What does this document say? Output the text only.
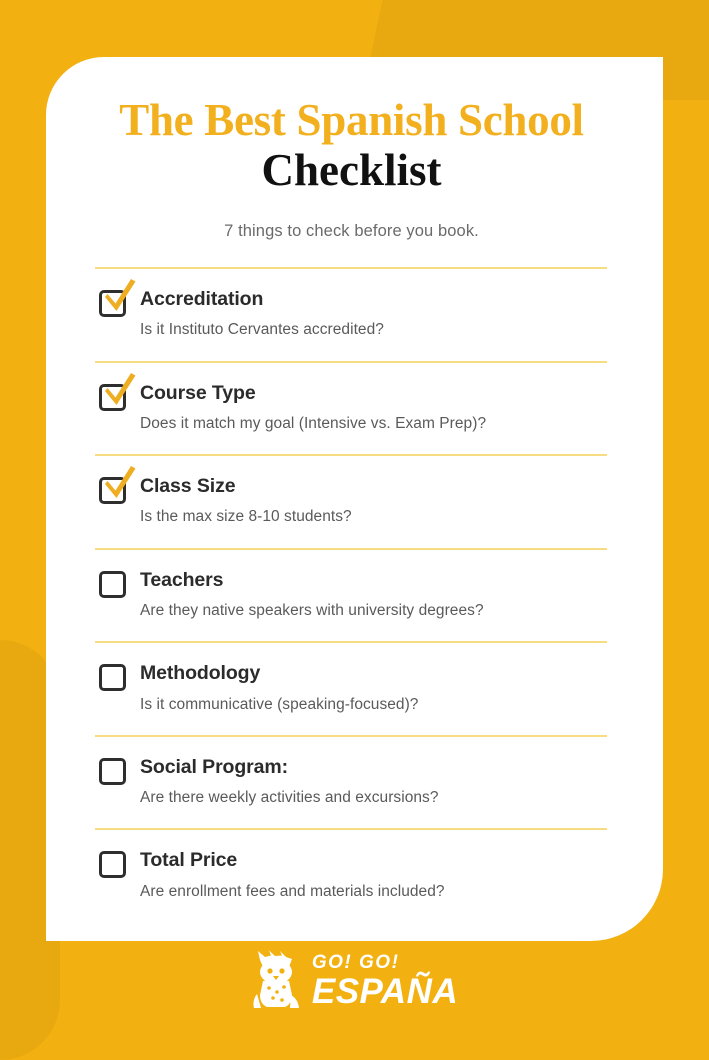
The Best Spanish School
Checklist
7 things to check before you book.
Accreditation
Is it Instituto Cervantes accredited?
Course Type
Does it match my goal (Intensive vs. Exam Prep)?
Class Size
Is the max size 8-10 students?
Teachers
Are they native speakers with university degrees?
Methodology
Is it communicative (speaking-focused)?
Social Program:
Are there weekly activities and excursions?
Total Price
Are enrollment fees and materials included?
GO! GO!
ESPAÑA
